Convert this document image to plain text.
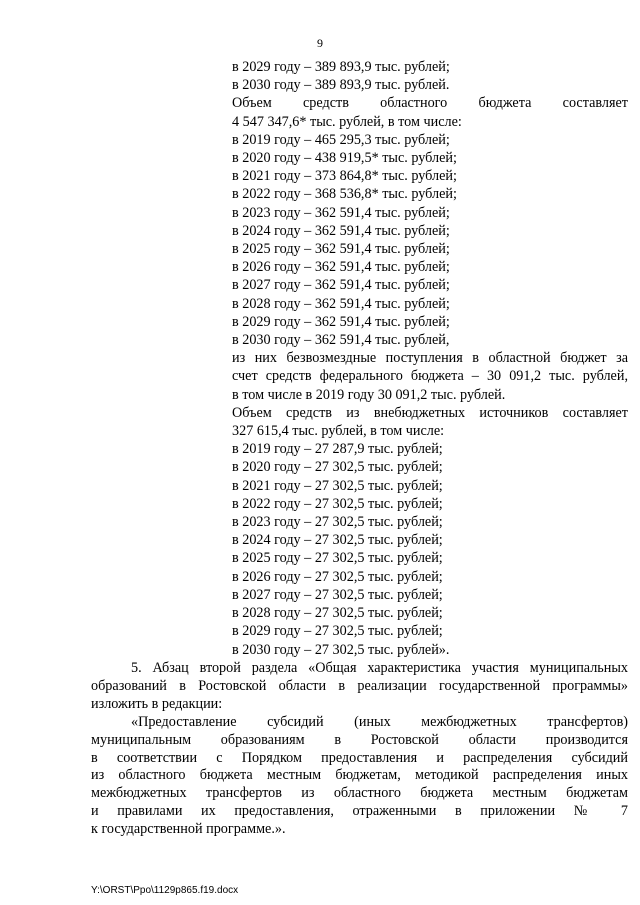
9
в 2029 году – 389 893,9 тыс. рублей;
в 2030 году – 389 893,9 тыс. рублей.
Объем средств областного бюджета составляет
4 547 347,6* тыс. рублей, в том числе:
в 2019 году – 465 295,3 тыс. рублей;
в 2020 году – 438 919,5* тыс. рублей;
в 2021 году – 373 864,8* тыс. рублей;
в 2022 году – 368 536,8* тыс. рублей;
в 2023 году – 362 591,4 тыс. рублей;
в 2024 году – 362 591,4 тыс. рублей;
в 2025 году – 362 591,4 тыс. рублей;
в 2026 году – 362 591,4 тыс. рублей;
в 2027 году – 362 591,4 тыс. рублей;
в 2028 году – 362 591,4 тыс. рублей;
в 2029 году – 362 591,4 тыс. рублей;
в 2030 году – 362 591,4 тыс. рублей,
из них безвозмездные поступления в областной бюджет за
счет средств федерального бюджета – 30 091,2 тыс. рублей,
в том числе в 2019 году 30 091,2 тыс. рублей.
Объем средств из внебюджетных источников составляет
327 615,4 тыс. рублей, в том числе:
в 2019 году – 27 287,9 тыс. рублей;
в 2020 году – 27 302,5 тыс. рублей;
в 2021 году – 27 302,5 тыс. рублей;
в 2022 году – 27 302,5 тыс. рублей;
в 2023 году – 27 302,5 тыс. рублей;
в 2024 году – 27 302,5 тыс. рублей;
в 2025 году – 27 302,5 тыс. рублей;
в 2026 году – 27 302,5 тыс. рублей;
в 2027 году – 27 302,5 тыс. рублей;
в 2028 году – 27 302,5 тыс. рублей;
в 2029 году – 27 302,5 тыс. рублей;
в 2030 году – 27 302,5 тыс. рублей».
5. Абзац второй раздела «Общая характеристика участия муниципальных
образований в Ростовской области в реализации государственной программы»
изложить в редакции:
«Предоставление субсидий (иных межбюджетных трансфертов)
муниципальным образованиям в Ростовской области производится
в соответствии с Порядком предоставления и распределения субсидий
из областного бюджета местным бюджетам, методикой распределения иных
межбюджетных трансфертов из областного бюджета местным бюджетам
и правилами их предоставления, отраженными в приложении № 7
к государственной программе.».
Y:\ORST\Ppo\1129p865.f19.docx
